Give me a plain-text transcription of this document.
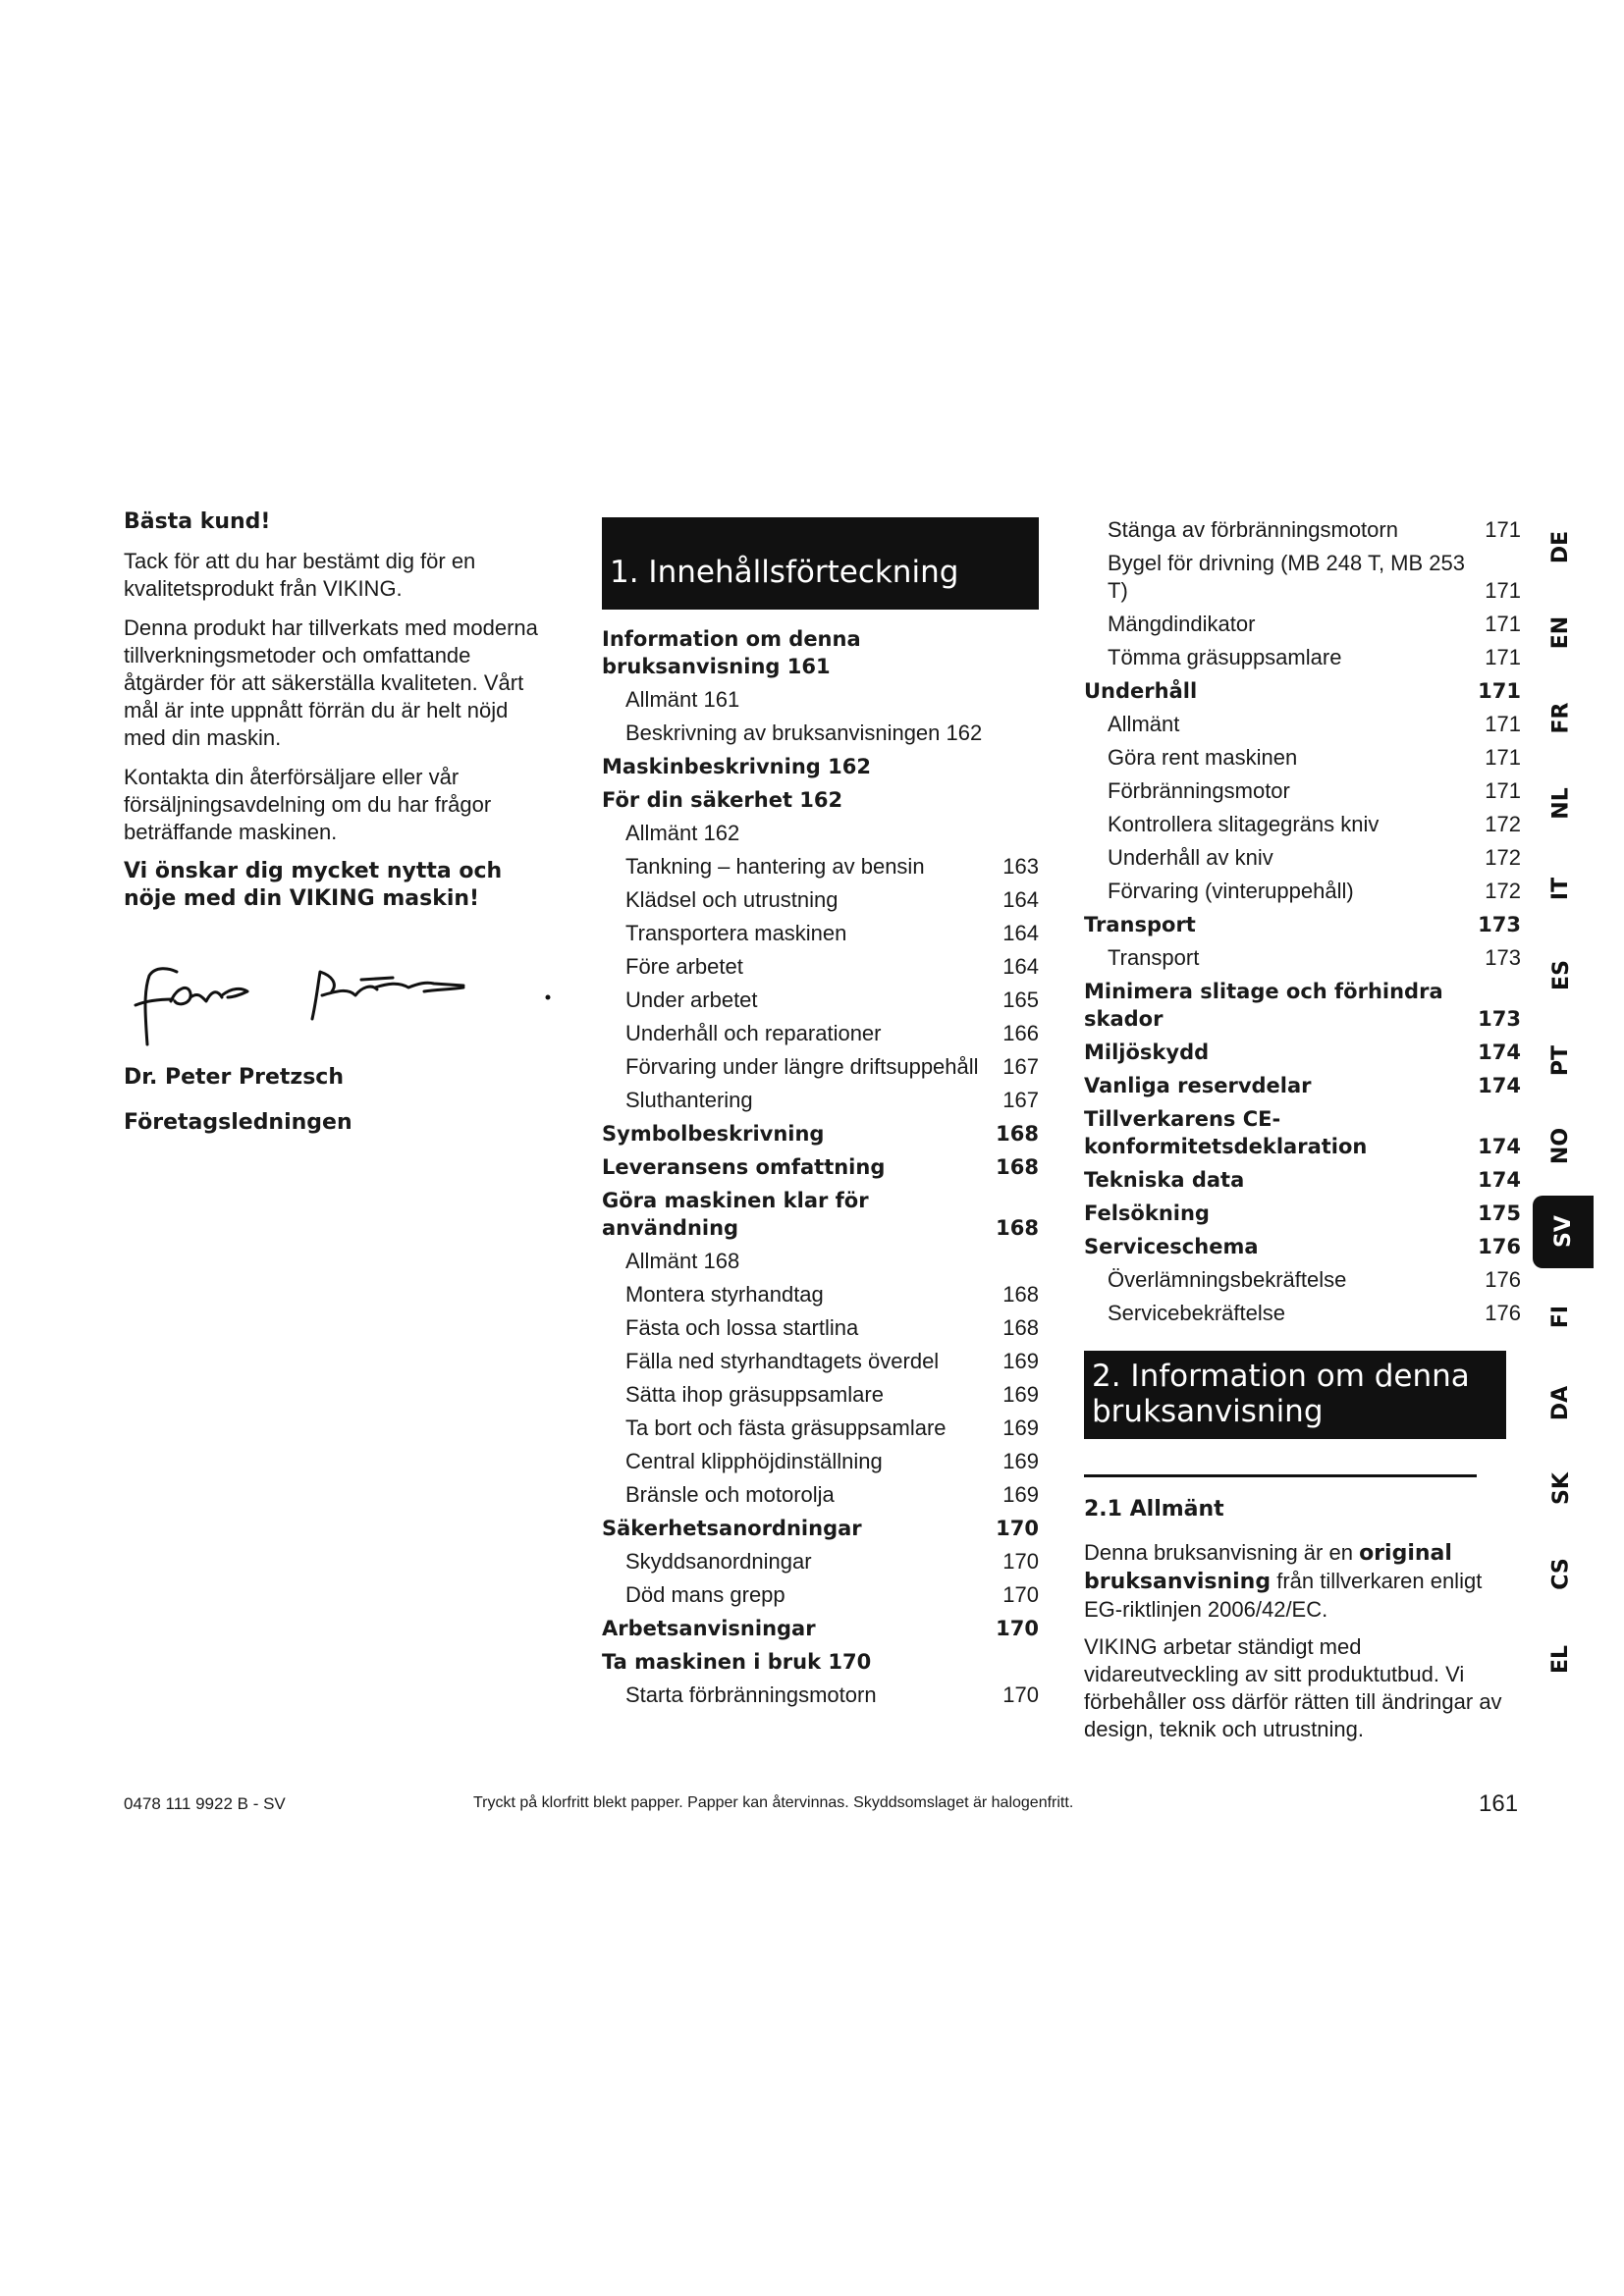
Bästa kund!

Tack för att du har bestämt dig för en kvalitetsprodukt från VIKING.

Denna produkt har tillverkats med moderna tillverkningsmetoder och omfattande åtgärder för att säkerställa kvaliteten. Vårt mål är inte uppnått förrän du är helt nöjd med din maskin.

Kontakta din återförsäljare eller vår försäljningsavdelning om du har frågor beträffande maskinen.

Vi önskar dig mycket nytta och nöje med din VIKING maskin!

Dr. Peter Pretzsch

Företagsledningen

1. Innehållsförteckning
Information om denna bruksanvisning 161
Allmänt 161
Beskrivning av bruksanvisningen 162
Maskinbeskrivning 162
För din säkerhet 162
Allmänt 162
Tankning – hantering av bensin	163
Klädsel och utrustning	164
Transportera maskinen	164
Före arbetet	164
Under arbetet	165
Underhåll och reparationer	166
Förvaring under längre driftsuppehåll	167
Sluthantering	167
Symbolbeskrivning	168
Leveransens omfattning	168
Göra maskinen klar för användning	168
Allmänt 168
Montera styrhandtag	168
Fästa och lossa startlina	168
Fälla ned styrhandtagets överdel	169
Sätta ihop gräsuppsamlare	169
Ta bort och fästa gräsuppsamlare	169
Central klipphöjdinställning	169
Bränsle och motorolja	169
Säkerhetsanordningar	170
Skyddsanordningar	170
Död mans grepp	170
Arbetsanvisningar	170
Ta maskinen i bruk 170
Starta förbränningsmotorn	170
Stänga av förbränningsmotorn	171
Bygel för drivning (MB 248 T, MB 253 T)	171
Mängdindikator	171
Tömma gräsuppsamlare	171
Underhåll	171
Allmänt	171
Göra rent maskinen	171
Förbränningsmotor	171
Kontrollera slitagegräns kniv	172
Underhåll av kniv	172
Förvaring (vinteruppehåll)	172
Transport	173
Transport	173
Minimera slitage och förhindra skador	173
Miljöskydd	174
Vanliga reservdelar	174
Tillverkarens CE-konformitetsdeklaration	174
Tekniska data	174
Felsökning	175
Serviceschema	176
Överlämningsbekräftelse	176
Servicebekräftelse	176
2. Information om denna bruksanvisning
2.1 Allmänt

Denna bruksanvisning är en original bruksanvisning från tillverkaren enligt EG-riktlinjen 2006/42/EC.

VIKING arbetar ständigt med vidareutveckling av sitt produktutbud. Vi förbehåller oss därför rätten till ändringar av design, teknik och utrustning.

DE
EN
FR
NL
IT
ES
PT
NO
SV
FI
DA
SK
CS
EL
0478 111 9922 B - SV	Tryckt på klorfritt blekt papper. Papper kan återvinnas. Skyddsomslaget är halogenfritt.	161
